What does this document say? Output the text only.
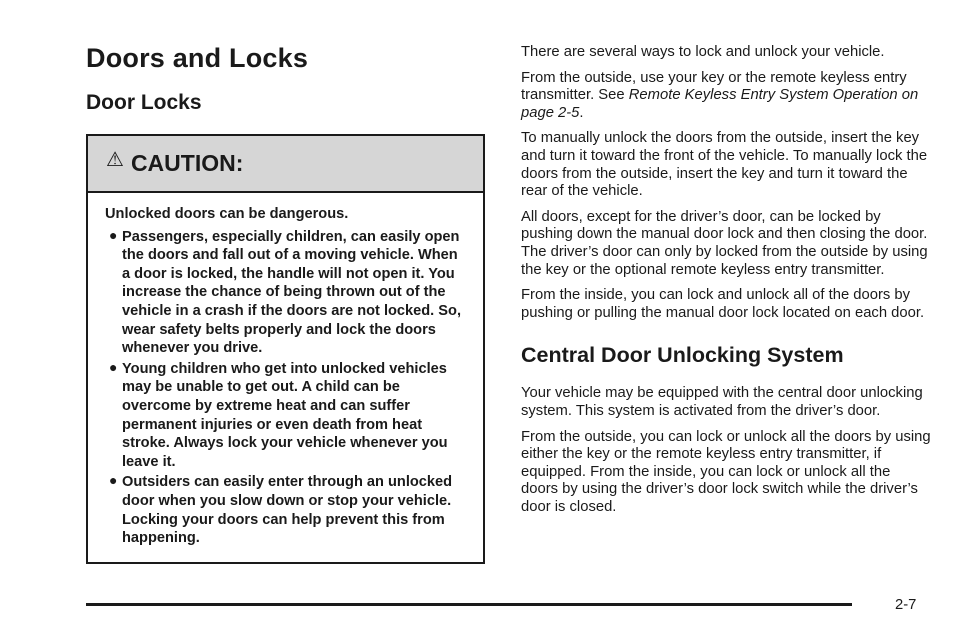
Doors and Locks
Door Locks
⚠ CAUTION:

Unlocked doors can be dangerous.

● Passengers, especially children, can easily open the doors and fall out of a moving vehicle. When a door is locked, the handle will not open it. You increase the chance of being thrown out of the vehicle in a crash if the doors are not locked. So, wear safety belts properly and lock the doors whenever you drive.
● Young children who get into unlocked vehicles may be unable to get out. A child can be overcome by extreme heat and can suffer permanent injuries or even death from heat stroke. Always lock your vehicle whenever you leave it.
● Outsiders can easily enter through an unlocked door when you slow down or stop your vehicle. Locking your doors can help prevent this from happening.

There are several ways to lock and unlock your vehicle.

From the outside, use your key or the remote keyless entry transmitter. See Remote Keyless Entry System Operation on page 2-5.

To manually unlock the doors from the outside, insert the key and turn it toward the front of the vehicle. To manually lock the doors from the outside, insert the key and turn it toward the rear of the vehicle.

All doors, except for the driver’s door, can be locked by pushing down the manual door lock and then closing the door. The driver’s door can only by locked from the outside by using the key or the optional remote keyless entry transmitter.

From the inside, you can lock and unlock all of the doors by pushing or pulling the manual door lock located on each door.

Central Door Unlocking System

Your vehicle may be equipped with the central door unlocking system. This system is activated from the driver’s door.

From the outside, you can lock or unlock all the doors by using either the key or the remote keyless entry transmitter, if equipped. From the inside, you can lock or unlock all the doors by using the driver’s door lock switch while the driver’s door is closed.

2-7
